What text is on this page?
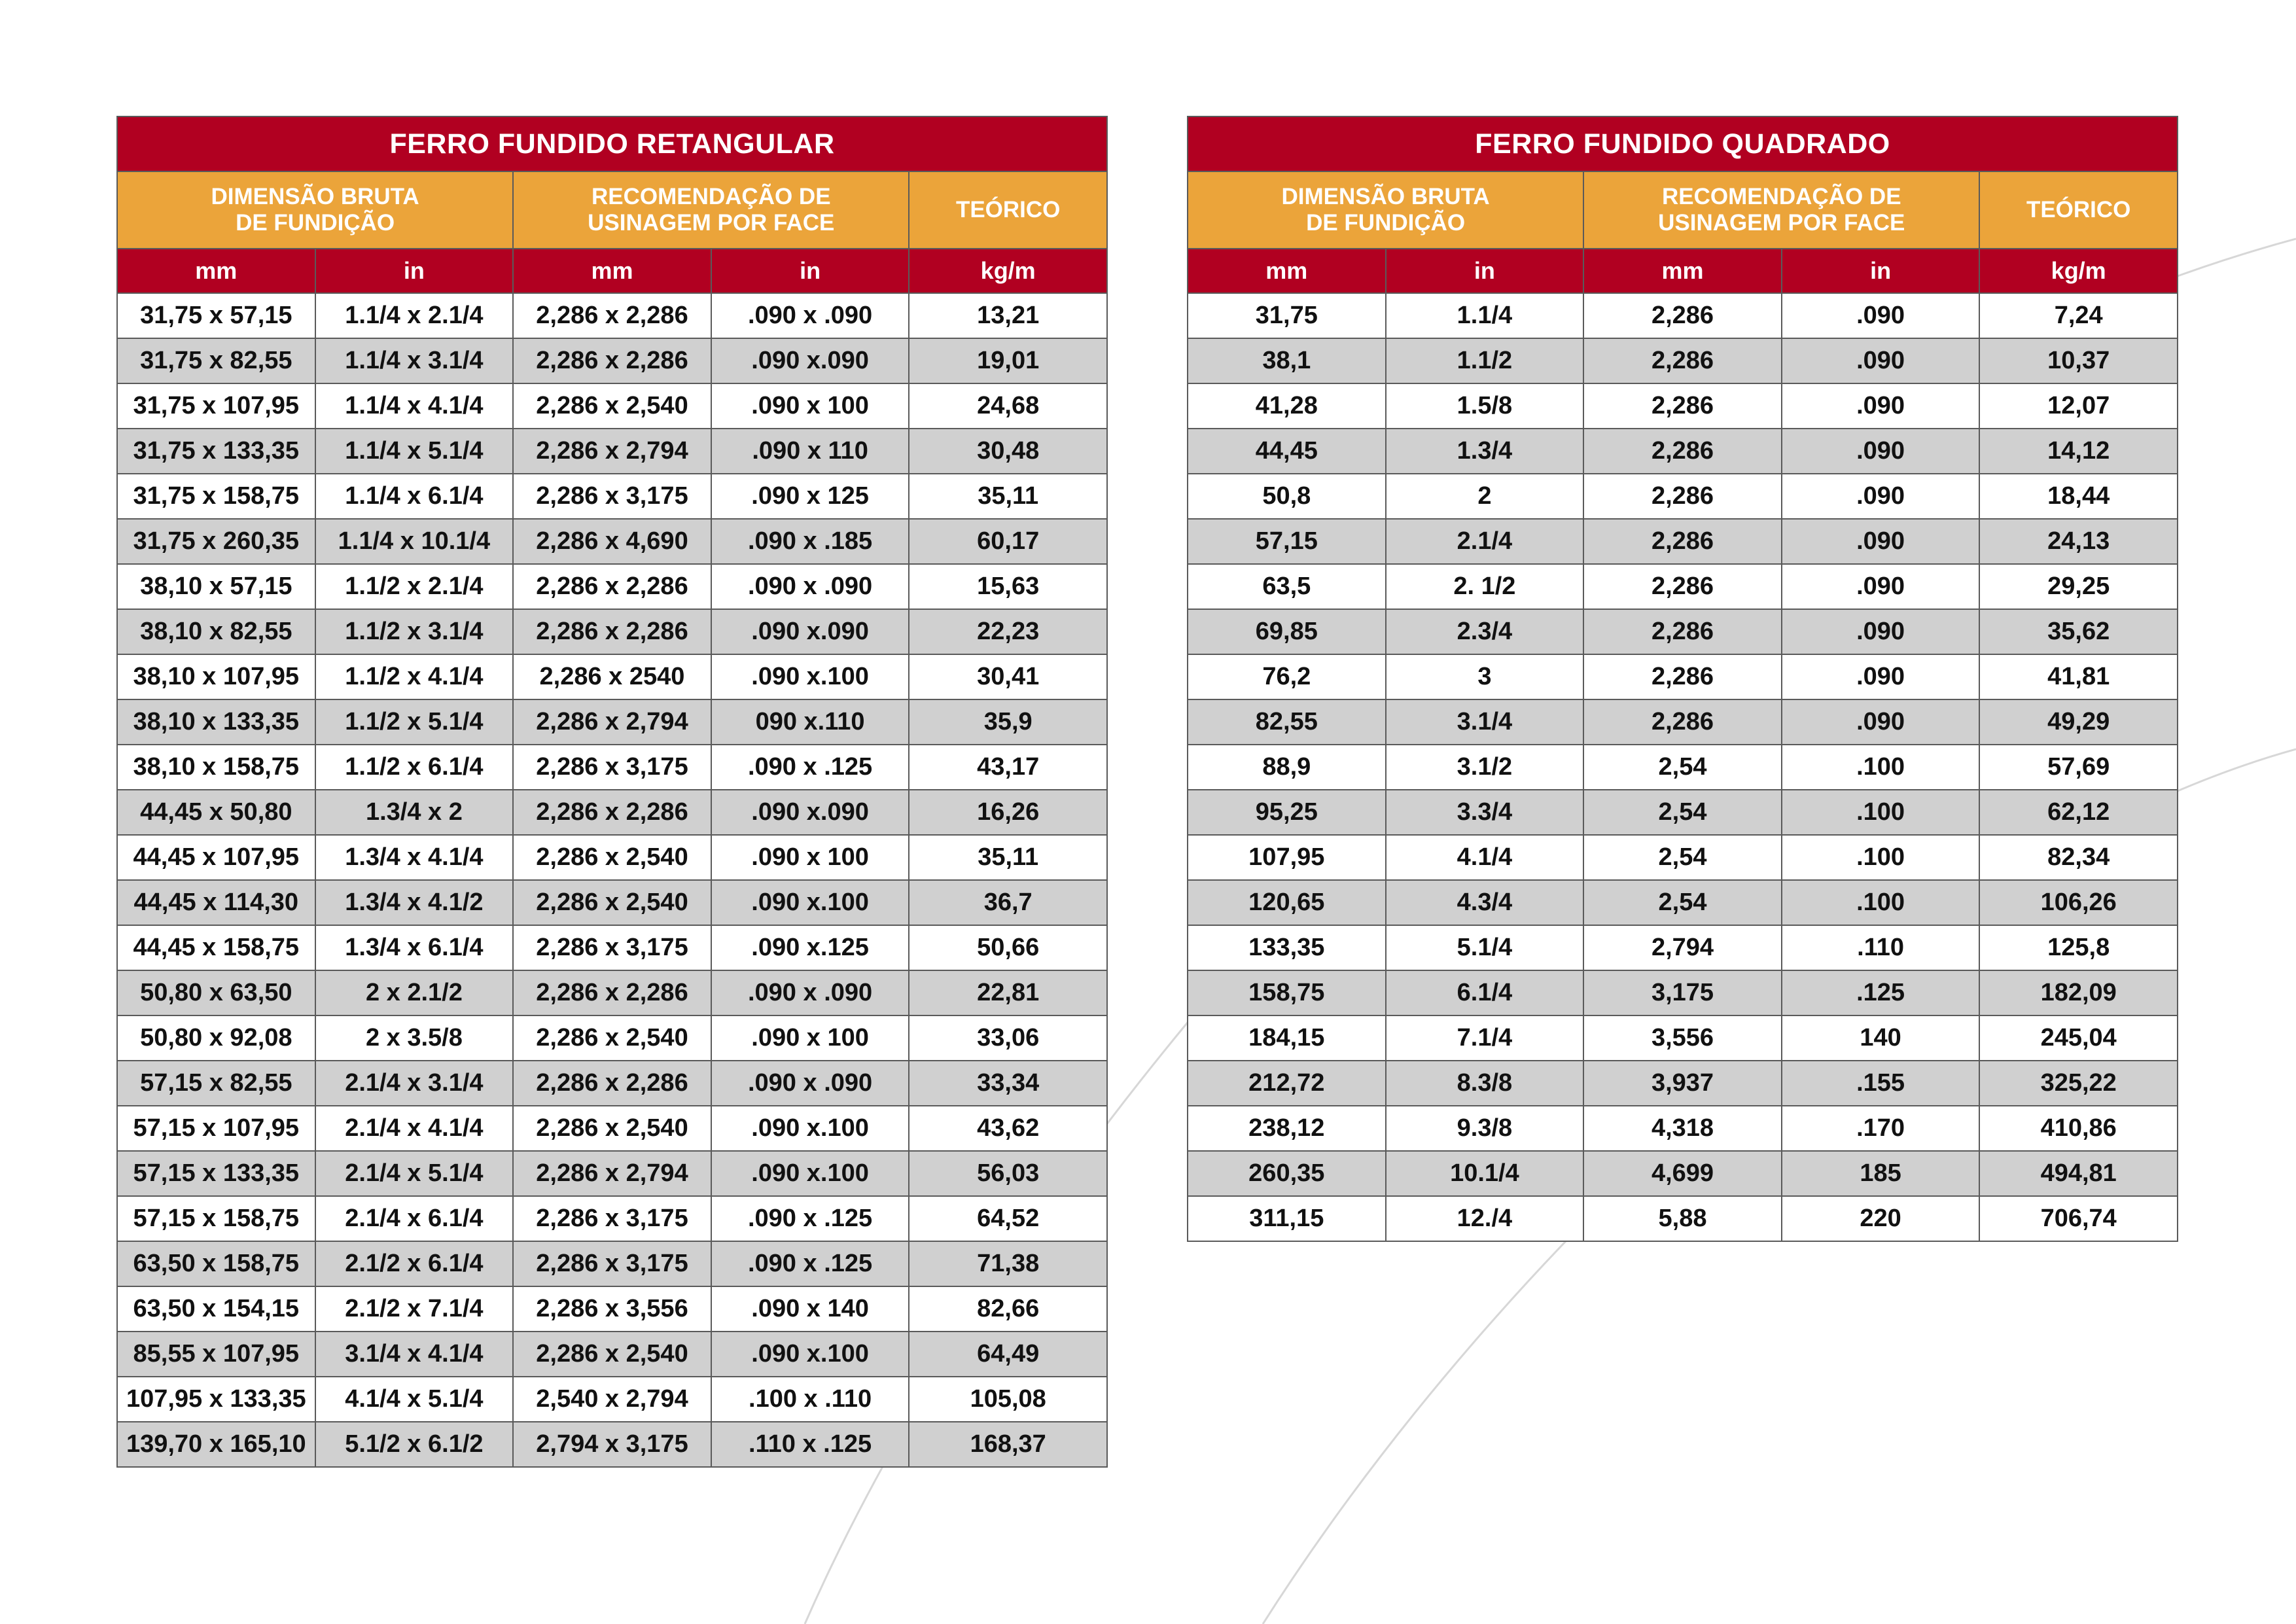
FERRO FUNDIDO RETANGULAR				
DIMENSÃO BRUTA
DE FUNDIÇÃO		RECOMENDAÇÃO DE
USINAGEM POR FACE		TEÓRICO
mm	in	mm	in	kg/m
31,75 x 57,15	1.1/4 x 2.1/4	2,286 x 2,286	.090 x .090	13,21
31,75 x 82,55	1.1/4 x 3.1/4	2,286 x 2,286	.090 x.090	19,01
31,75 x 107,95	1.1/4 x 4.1/4	2,286 x 2,540	.090 x 100	24,68
31,75 x 133,35	1.1/4 x 5.1/4	2,286 x 2,794	.090 x 110	30,48
31,75 x 158,75	1.1/4 x 6.1/4	2,286 x 3,175	.090 x 125	35,11
31,75 x 260,35	1.1/4 x 10.1/4	2,286 x 4,690	.090 x .185	60,17
38,10 x 57,15	1.1/2 x 2.1/4	2,286 x 2,286	.090 x .090	15,63
38,10 x 82,55	1.1/2 x 3.1/4	2,286 x 2,286	.090 x.090	22,23
38,10 x 107,95	1.1/2 x 4.1/4	2,286 x 2540	.090 x.100	30,41
38,10 x 133,35	1.1/2 x 5.1/4	2,286 x 2,794	090 x.110	35,9
38,10 x 158,75	1.1/2 x 6.1/4	2,286 x 3,175	.090 x .125	43,17
44,45 x 50,80	1.3/4 x 2	2,286 x 2,286	.090 x.090	16,26
44,45 x 107,95	1.3/4 x 4.1/4	2,286 x 2,540	.090 x 100	35,11
44,45 x 114,30	1.3/4 x 4.1/2	2,286 x 2,540	.090 x.100	36,7
44,45 x 158,75	1.3/4 x 6.1/4	2,286 x 3,175	.090 x.125	50,66
50,80 x 63,50	2 x 2.1/2	2,286 x 2,286	.090 x .090	22,81
50,80 x 92,08	2 x 3.5/8	2,286 x 2,540	.090 x 100	33,06
57,15 x 82,55	2.1/4 x 3.1/4	2,286 x 2,286	.090 x .090	33,34
57,15 x 107,95	2.1/4 x 4.1/4	2,286 x 2,540	.090 x.100	43,62
57,15 x 133,35	2.1/4 x 5.1/4	2,286 x 2,794	.090 x.100	56,03
57,15 x 158,75	2.1/4 x 6.1/4	2,286 x 3,175	.090 x .125	64,52
63,50 x 158,75	2.1/2 x 6.1/4	2,286 x 3,175	.090 x .125	71,38
63,50 x 154,15	2.1/2 x 7.1/4	2,286 x 3,556	.090 x 140	82,66
85,55 x 107,95	3.1/4 x 4.1/4	2,286 x 2,540	.090 x.100	64,49
107,95 x 133,35	4.1/4 x 5.1/4	2,540 x 2,794	.100 x .110	105,08
139,70 x 165,10	5.1/2 x 6.1/2	2,794 x 3,175	.110 x .125	168,37
FERRO FUNDIDO QUADRADO				
DIMENSÃO BRUTA
DE FUNDIÇÃO		RECOMENDAÇÃO DE
USINAGEM POR FACE		TEÓRICO
mm	in	mm	in	kg/m
31,75	1.1/4	2,286	.090	7,24
38,1	1.1/2	2,286	.090	10,37
41,28	1.5/8	2,286	.090	12,07
44,45	1.3/4	2,286	.090	14,12
50,8	2	2,286	.090	18,44
57,15	2.1/4	2,286	.090	24,13
63,5	2. 1/2	2,286	.090	29,25
69,85	2.3/4	2,286	.090	35,62
76,2	3	2,286	.090	41,81
82,55	3.1/4	2,286	.090	49,29
88,9	3.1/2	2,54	.100	57,69
95,25	3.3/4	2,54	.100	62,12
107,95	4.1/4	2,54	.100	82,34
120,65	4.3/4	2,54	.100	106,26
133,35	5.1/4	2,794	.110	125,8
158,75	6.1/4	3,175	.125	182,09
184,15	7.1/4	3,556	140	245,04
212,72	8.3/8	3,937	.155	325,22
238,12	9.3/8	4,318	.170	410,86
260,35	10.1/4	4,699	185	494,81
311,15	12./4	5,88	220	706,74
